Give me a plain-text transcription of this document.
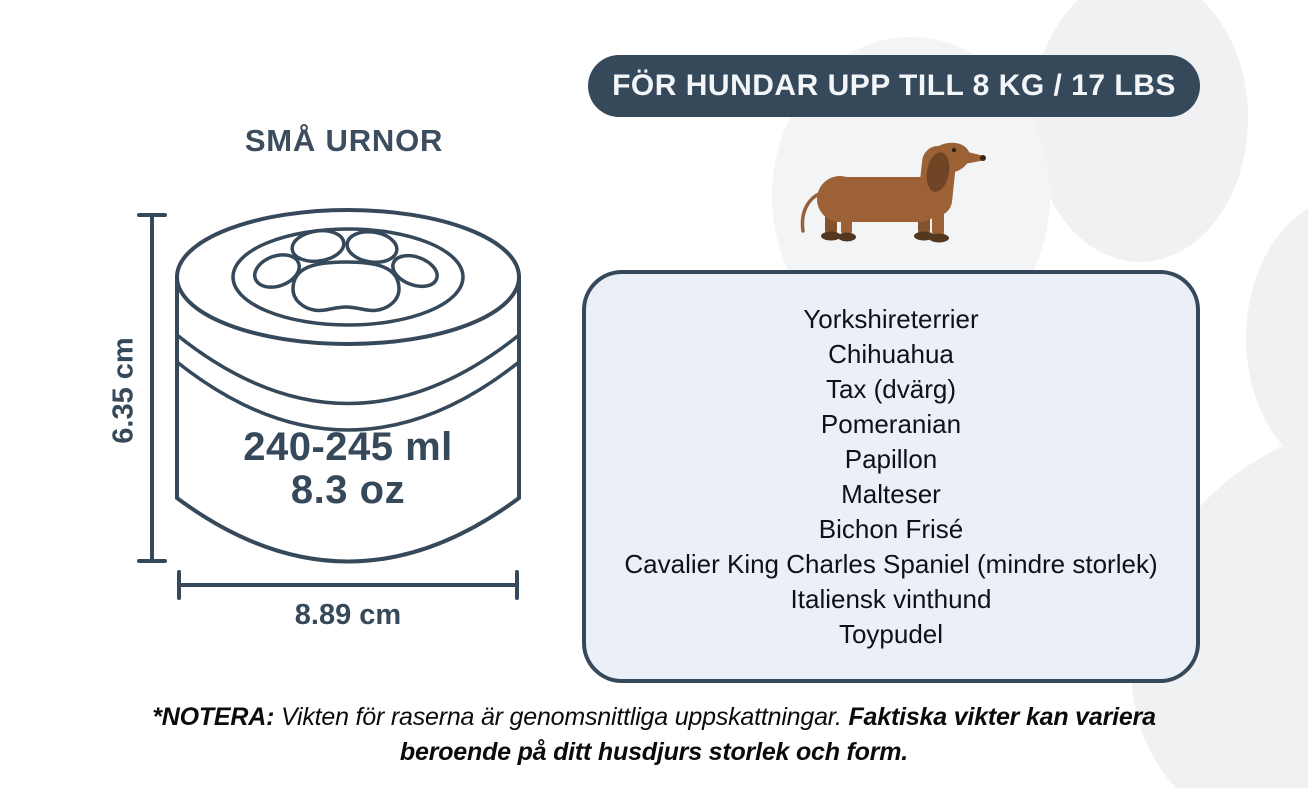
SMÅ URNOR
FÖR HUNDAR UPP TILL 8 KG / 17 LBS
240-245 ml
8.3 oz
6.35 cm
8.89 cm
Yorkshireterrier
Chihuahua
Tax (dvärg)
Pomeranian
Papillon
Malteser
Bichon Frisé
Cavalier King Charles Spaniel (mindre storlek)
Italiensk vinthund
Toypudel
*NOTERA: Vikten för raserna är genomsnittliga uppskattningar. Faktiska vikter kan variera
beroende på ditt husdjurs storlek och form.
